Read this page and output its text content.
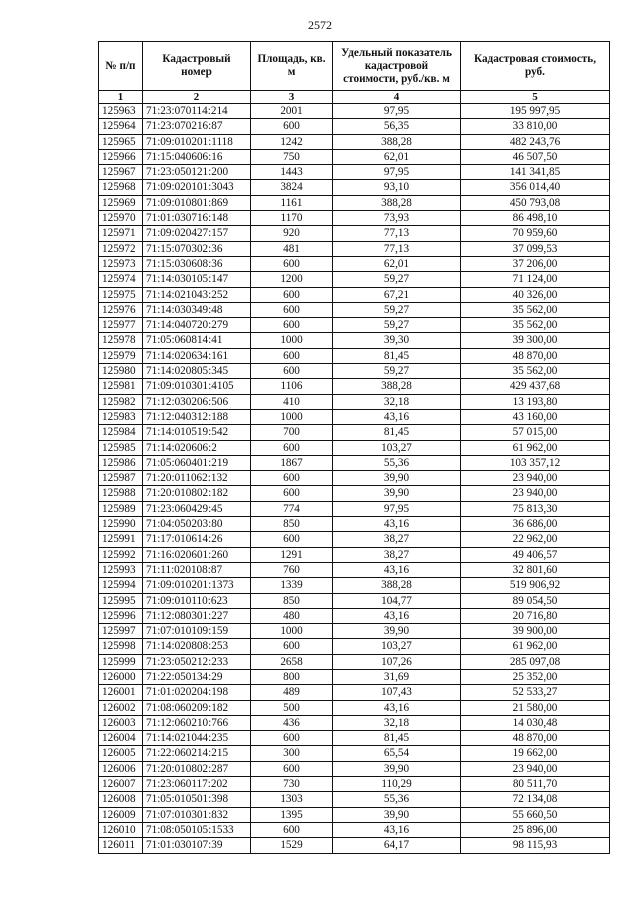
2572
№ п/п	Кадастровый номер	Площадь, кв. м	Удельный показатель кадастровой стоимости, руб./кв. м	Кадастровая стоимость, руб.
1	2	3	4	5
125963	71:23:070114:214	2001	97,95	195 997,95
125964	71:23:070216:87	600	56,35	33 810,00
125965	71:09:010201:1118	1242	388,28	482 243,76
125966	71:15:040606:16	750	62,01	46 507,50
125967	71:23:050121:200	1443	97,95	141 341,85
125968	71:09:020101:3043	3824	93,10	356 014,40
125969	71:09:010801:869	1161	388,28	450 793,08
125970	71:01:030716:148	1170	73,93	86 498,10
125971	71:09:020427:157	920	77,13	70 959,60
125972	71:15:070302:36	481	77,13	37 099,53
125973	71:15:030608:36	600	62,01	37 206,00
125974	71:14:030105:147	1200	59,27	71 124,00
125975	71:14:021043:252	600	67,21	40 326,00
125976	71:14:030349:48	600	59,27	35 562,00
125977	71:14:040720:279	600	59,27	35 562,00
125978	71:05:060814:41	1000	39,30	39 300,00
125979	71:14:020634:161	600	81,45	48 870,00
125980	71:14:020805:345	600	59,27	35 562,00
125981	71:09:010301:4105	1106	388,28	429 437,68
125982	71:12:030206:506	410	32,18	13 193,80
125983	71:12:040312:188	1000	43,16	43 160,00
125984	71:14:010519:542	700	81,45	57 015,00
125985	71:14:020606:2	600	103,27	61 962,00
125986	71:05:060401:219	1867	55,36	103 357,12
125987	71:20:011062:132	600	39,90	23 940,00
125988	71:20:010802:182	600	39,90	23 940,00
125989	71:23:060429:45	774	97,95	75 813,30
125990	71:04:050203:80	850	43,16	36 686,00
125991	71:17:010614:26	600	38,27	22 962,00
125992	71:16:020601:260	1291	38,27	49 406,57
125993	71:11:020108:87	760	43,16	32 801,60
125994	71:09:010201:1373	1339	388,28	519 906,92
125995	71:09:010110:623	850	104,77	89 054,50
125996	71:12:080301:227	480	43,16	20 716,80
125997	71:07:010109:159	1000	39,90	39 900,00
125998	71:14:020808:253	600	103,27	61 962,00
125999	71:23:050212:233	2658	107,26	285 097,08
126000	71:22:050134:29	800	31,69	25 352,00
126001	71:01:020204:198	489	107,43	52 533,27
126002	71:08:060209:182	500	43,16	21 580,00
126003	71:12:060210:766	436	32,18	14 030,48
126004	71:14:021044:235	600	81,45	48 870,00
126005	71:22:060214:215	300	65,54	19 662,00
126006	71:20:010802:287	600	39,90	23 940,00
126007	71:23:060117:202	730	110,29	80 511,70
126008	71:05:010501:398	1303	55,36	72 134,08
126009	71:07:010301:832	1395	39,90	55 660,50
126010	71:08:050105:1533	600	43,16	25 896,00
126011	71:01:030107:39	1529	64,17	98 115,93
